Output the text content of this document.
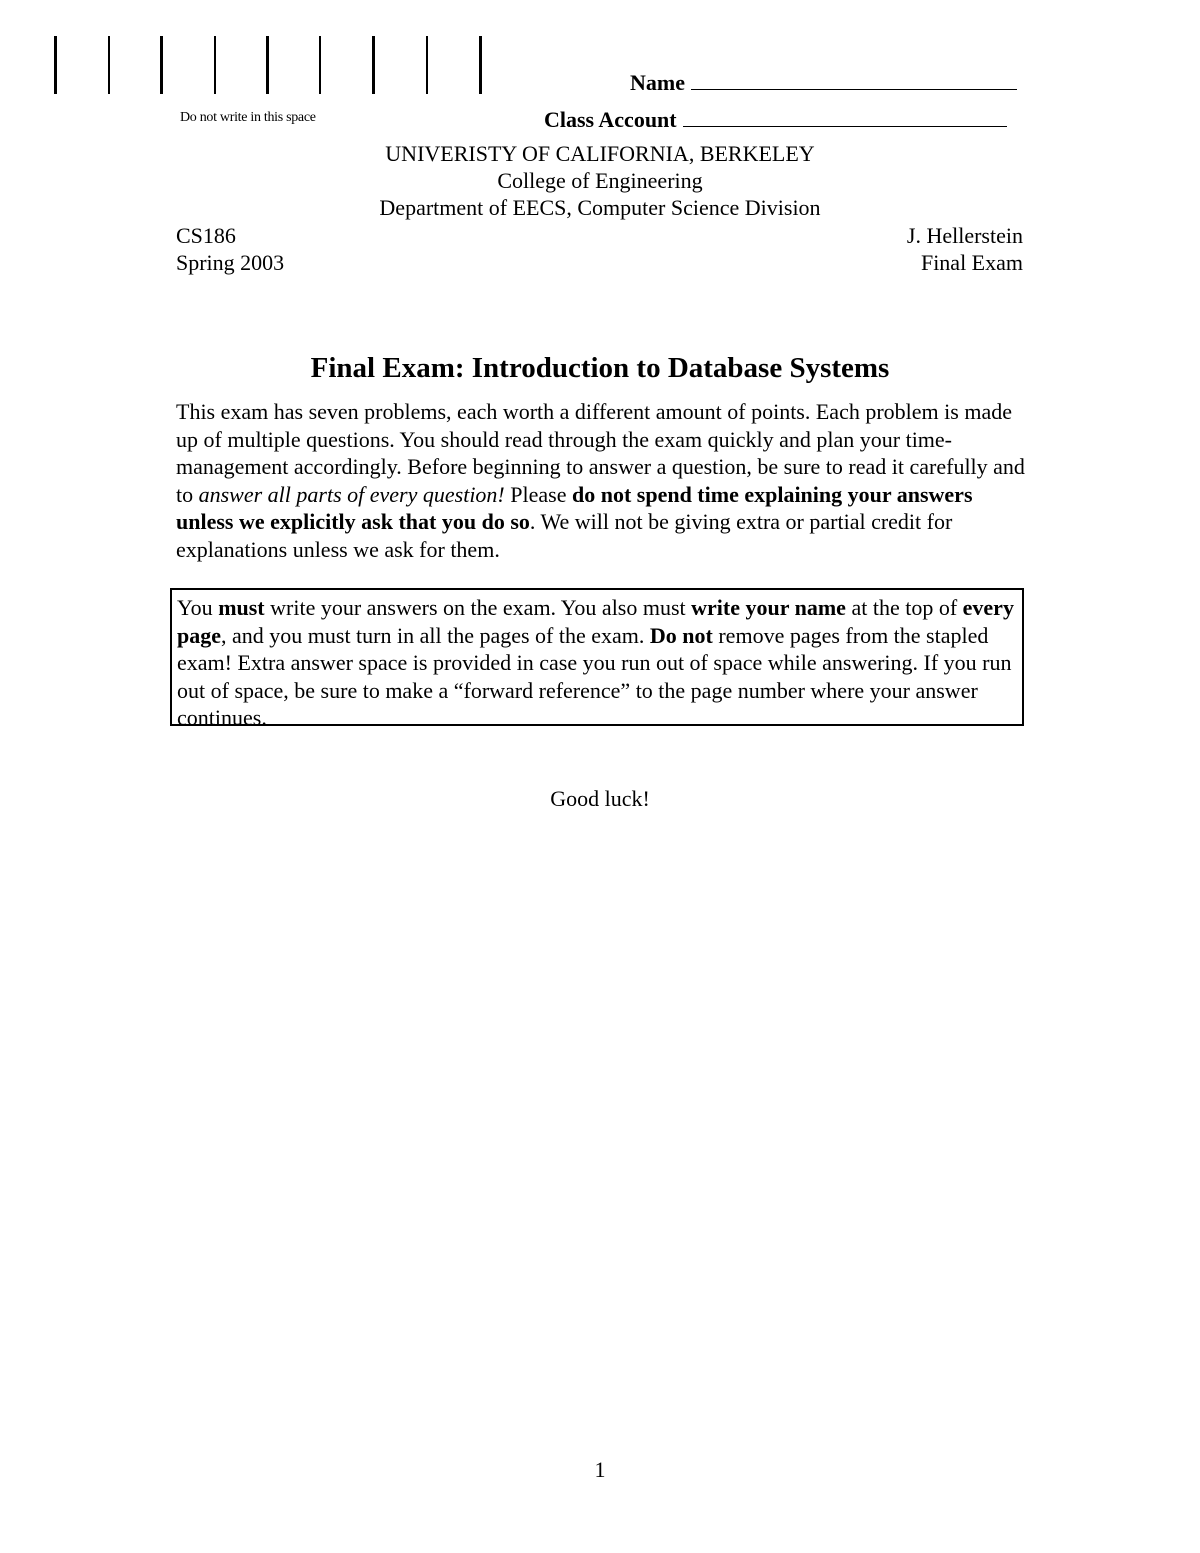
Do not write in this space
Name
Class Account
UNIVERISTY OF CALIFORNIA, BERKELEY
College of Engineering
Department of EECS, Computer Science Division
CS186
Spring 2003
J. Hellerstein
Final Exam
Final Exam: Introduction to Database Systems
This exam has seven problems, each worth a different amount of points. Each problem is made up of multiple questions. You should read through the exam quickly and plan your time-management accordingly. Before beginning to answer a question, be sure to read it carefully and to answer all parts of every question! Please do not spend time explaining your answers unless we explicitly ask that you do so. We will not be giving extra or partial credit for explanations unless we ask for them.
You must write your answers on the exam. You also must write your name at the top of every page, and you must turn in all the pages of the exam. Do not remove pages from the stapled exam! Extra answer space is provided in case you run out of space while answering. If you run out of space, be sure to make a “forward reference” to the page number where your answer continues.
Good luck!
1
